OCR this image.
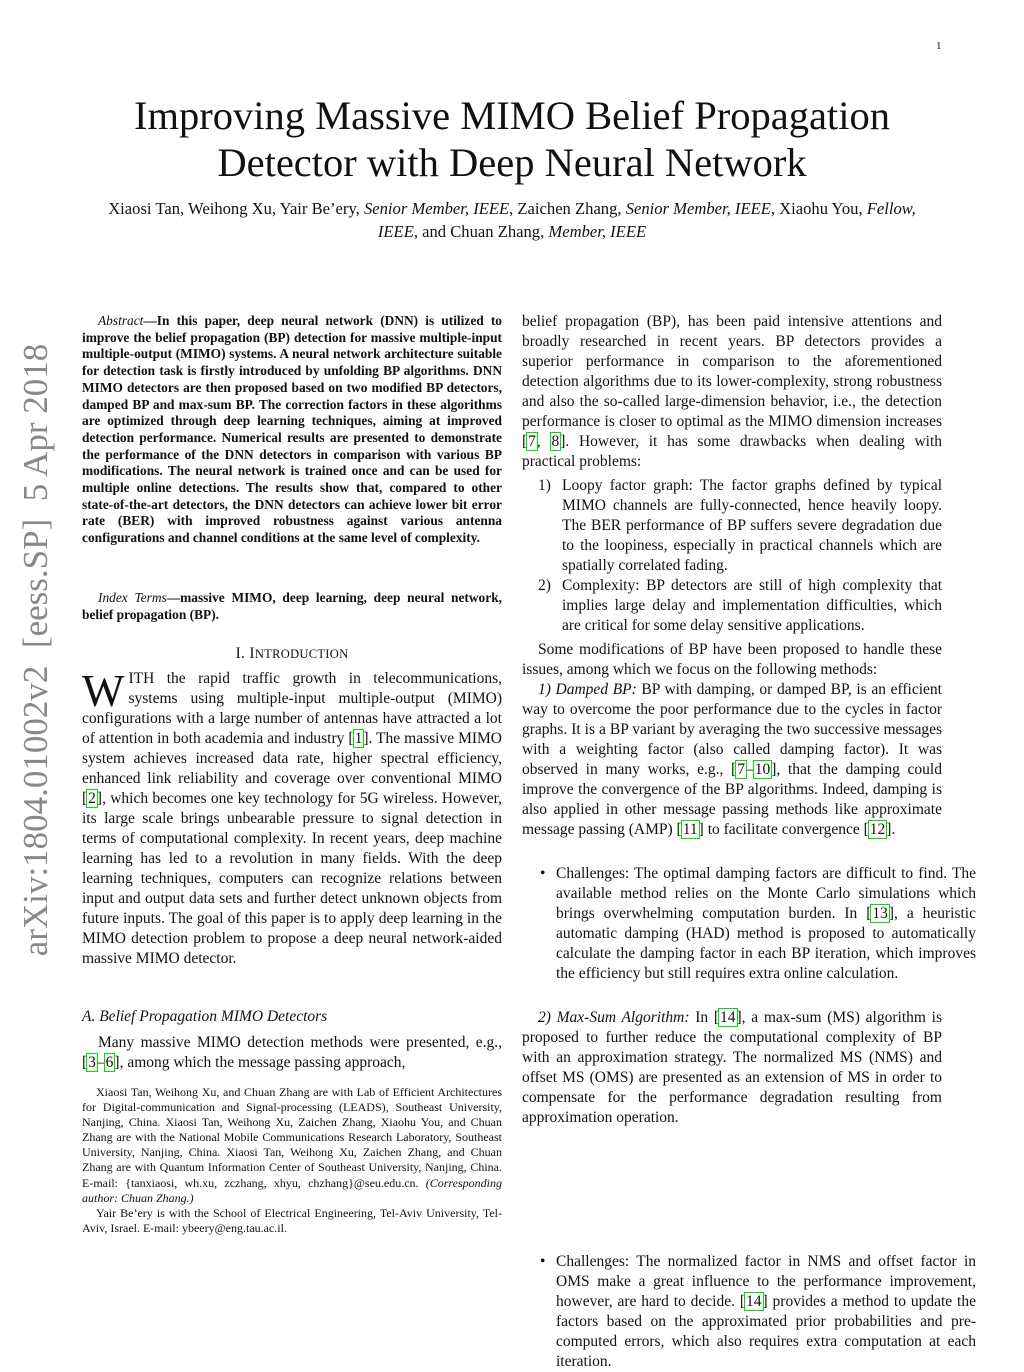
1
arXiv:1804.01002v2  [eess.SP]  5 Apr 2018
Improving Massive MIMO Belief Propagation
Detector with Deep Neural Network
Xiaosi Tan, Weihong Xu, Yair Be’ery, Senior Member, IEEE, Zaichen Zhang, Senior Member, IEEE, Xiaohu You, Fellow, IEEE, and Chuan Zhang, Member, IEEE
Abstract—In this paper, deep neural network (DNN) is utilized to improve the belief propagation (BP) detection for massive multiple-input multiple-output (MIMO) systems. A neural network architecture suitable for detection task is firstly introduced by unfolding BP algorithms. DNN MIMO detectors are then proposed based on two modified BP detectors, damped BP and max-sum BP. The correction factors in these algorithms are optimized through deep learning techniques, aiming at improved detection performance. Numerical results are presented to demonstrate the performance of the DNN detectors in comparison with various BP modifications. The neural network is trained once and can be used for multiple online detections. The results show that, compared to other state-of-the-art detectors, the DNN detectors can achieve lower bit error rate (BER) with improved robustness against various antenna configurations and channel conditions at the same level of complexity.
Index Terms—massive MIMO, deep learning, deep neural network, belief propagation (BP).
I. INTRODUCTION
WITH the rapid traffic growth in telecommunications, systems using multiple-input multiple-output (MIMO) configurations with a large number of antennas have attracted a lot of attention in both academia and industry [1]. The massive MIMO system achieves increased data rate, higher spectral efficiency, enhanced link reliability and coverage over conventional MIMO [2], which becomes one key technology for 5G wireless. However, its large scale brings unbearable pressure to signal detection in terms of computational complexity. In recent years, deep machine learning has led to a revolution in many fields. With the deep learning techniques, computers can recognize relations between input and output data sets and further detect unknown objects from future inputs. The goal of this paper is to apply deep learning in the MIMO detection problem to propose a deep neural network-aided massive MIMO detector.
A. Belief Propagation MIMO Detectors

Many massive MIMO detection methods were presented, e.g., [3–6], among which the message passing approach,

Xiaosi Tan, Weihong Xu, and Chuan Zhang are with Lab of Efficient Architectures for Digital-communication and Signal-processing (LEADS), Southeast University, Nanjing, China. Xiaosi Tan, Weihong Xu, Zaichen Zhang, Xiaohu You, and Chuan Zhang are with the National Mobile Communications Research Laboratory, Southeast University, Nanjing, China. Xiaosi Tan, Weihong Xu, Zaichen Zhang, and Chuan Zhang are with Quantum Information Center of Southeast University, Nanjing, China. E-mail: {tanxiaosi, wh.xu, zczhang, xhyu, chzhang}@seu.edu.cn. (Corresponding author: Chuan Zhang.)

Yair Be’ery is with the School of Electrical Engineering, Tel-Aviv University, Tel-Aviv, Israel. E-mail: ybeery@eng.tau.ac.il.

belief propagation (BP), has been paid intensive attentions and broadly researched in recent years. BP detectors provides a superior performance in comparison to the aforementioned detection algorithms due to its lower-complexity, strong robustness and also the so-called large-dimension behavior, i.e., the detection performance is closer to optimal as the MIMO dimension increases [7, 8]. However, it has some drawbacks when dealing with practical problems:

1) Loopy factor graph: The factor graphs defined by typical MIMO channels are fully-connected, hence heavily loopy. The BER performance of BP suffers severe degradation due to the loopiness, especially in practical channels which are spatially correlated fading.
2) Complexity: BP detectors are still of high complexity that implies large delay and implementation difficulties, which are critical for some delay sensitive applications.

Some modifications of BP have been proposed to handle these issues, among which we focus on the following methods:

1) Damped BP: BP with damping, or damped BP, is an efficient way to overcome the poor performance due to the cycles in factor graphs. It is a BP variant by averaging the two successive messages with a weighting factor (also called damping factor). It was observed in many works, e.g., [7–10], that the damping could improve the convergence of the BP algorithms. Indeed, damping is also applied in other message passing methods like approximate message passing (AMP) [11] to facilitate convergence [12].

• Challenges: The optimal damping factors are difficult to find. The available method relies on the Monte Carlo simulations which brings overwhelming computation burden. In [13], a heuristic automatic damping (HAD) method is proposed to automatically calculate the damping factor in each BP iteration, which improves the efficiency but still requires extra online calculation.

2) Max-Sum Algorithm: In [14], a max-sum (MS) algorithm is proposed to further reduce the computational complexity of BP with an approximation strategy. The normalized MS (NMS) and offset MS (OMS) are presented as an extension of MS in order to compensate for the performance degradation resulting from approximation operation.

• Challenges: The normalized factor in NMS and offset factor in OMS make a great influence to the performance improvement, however, are hard to decide. [14] provides a method to update the factors based on the approximated prior probabilities and pre-computed errors, which also requires extra computation at each iteration.
